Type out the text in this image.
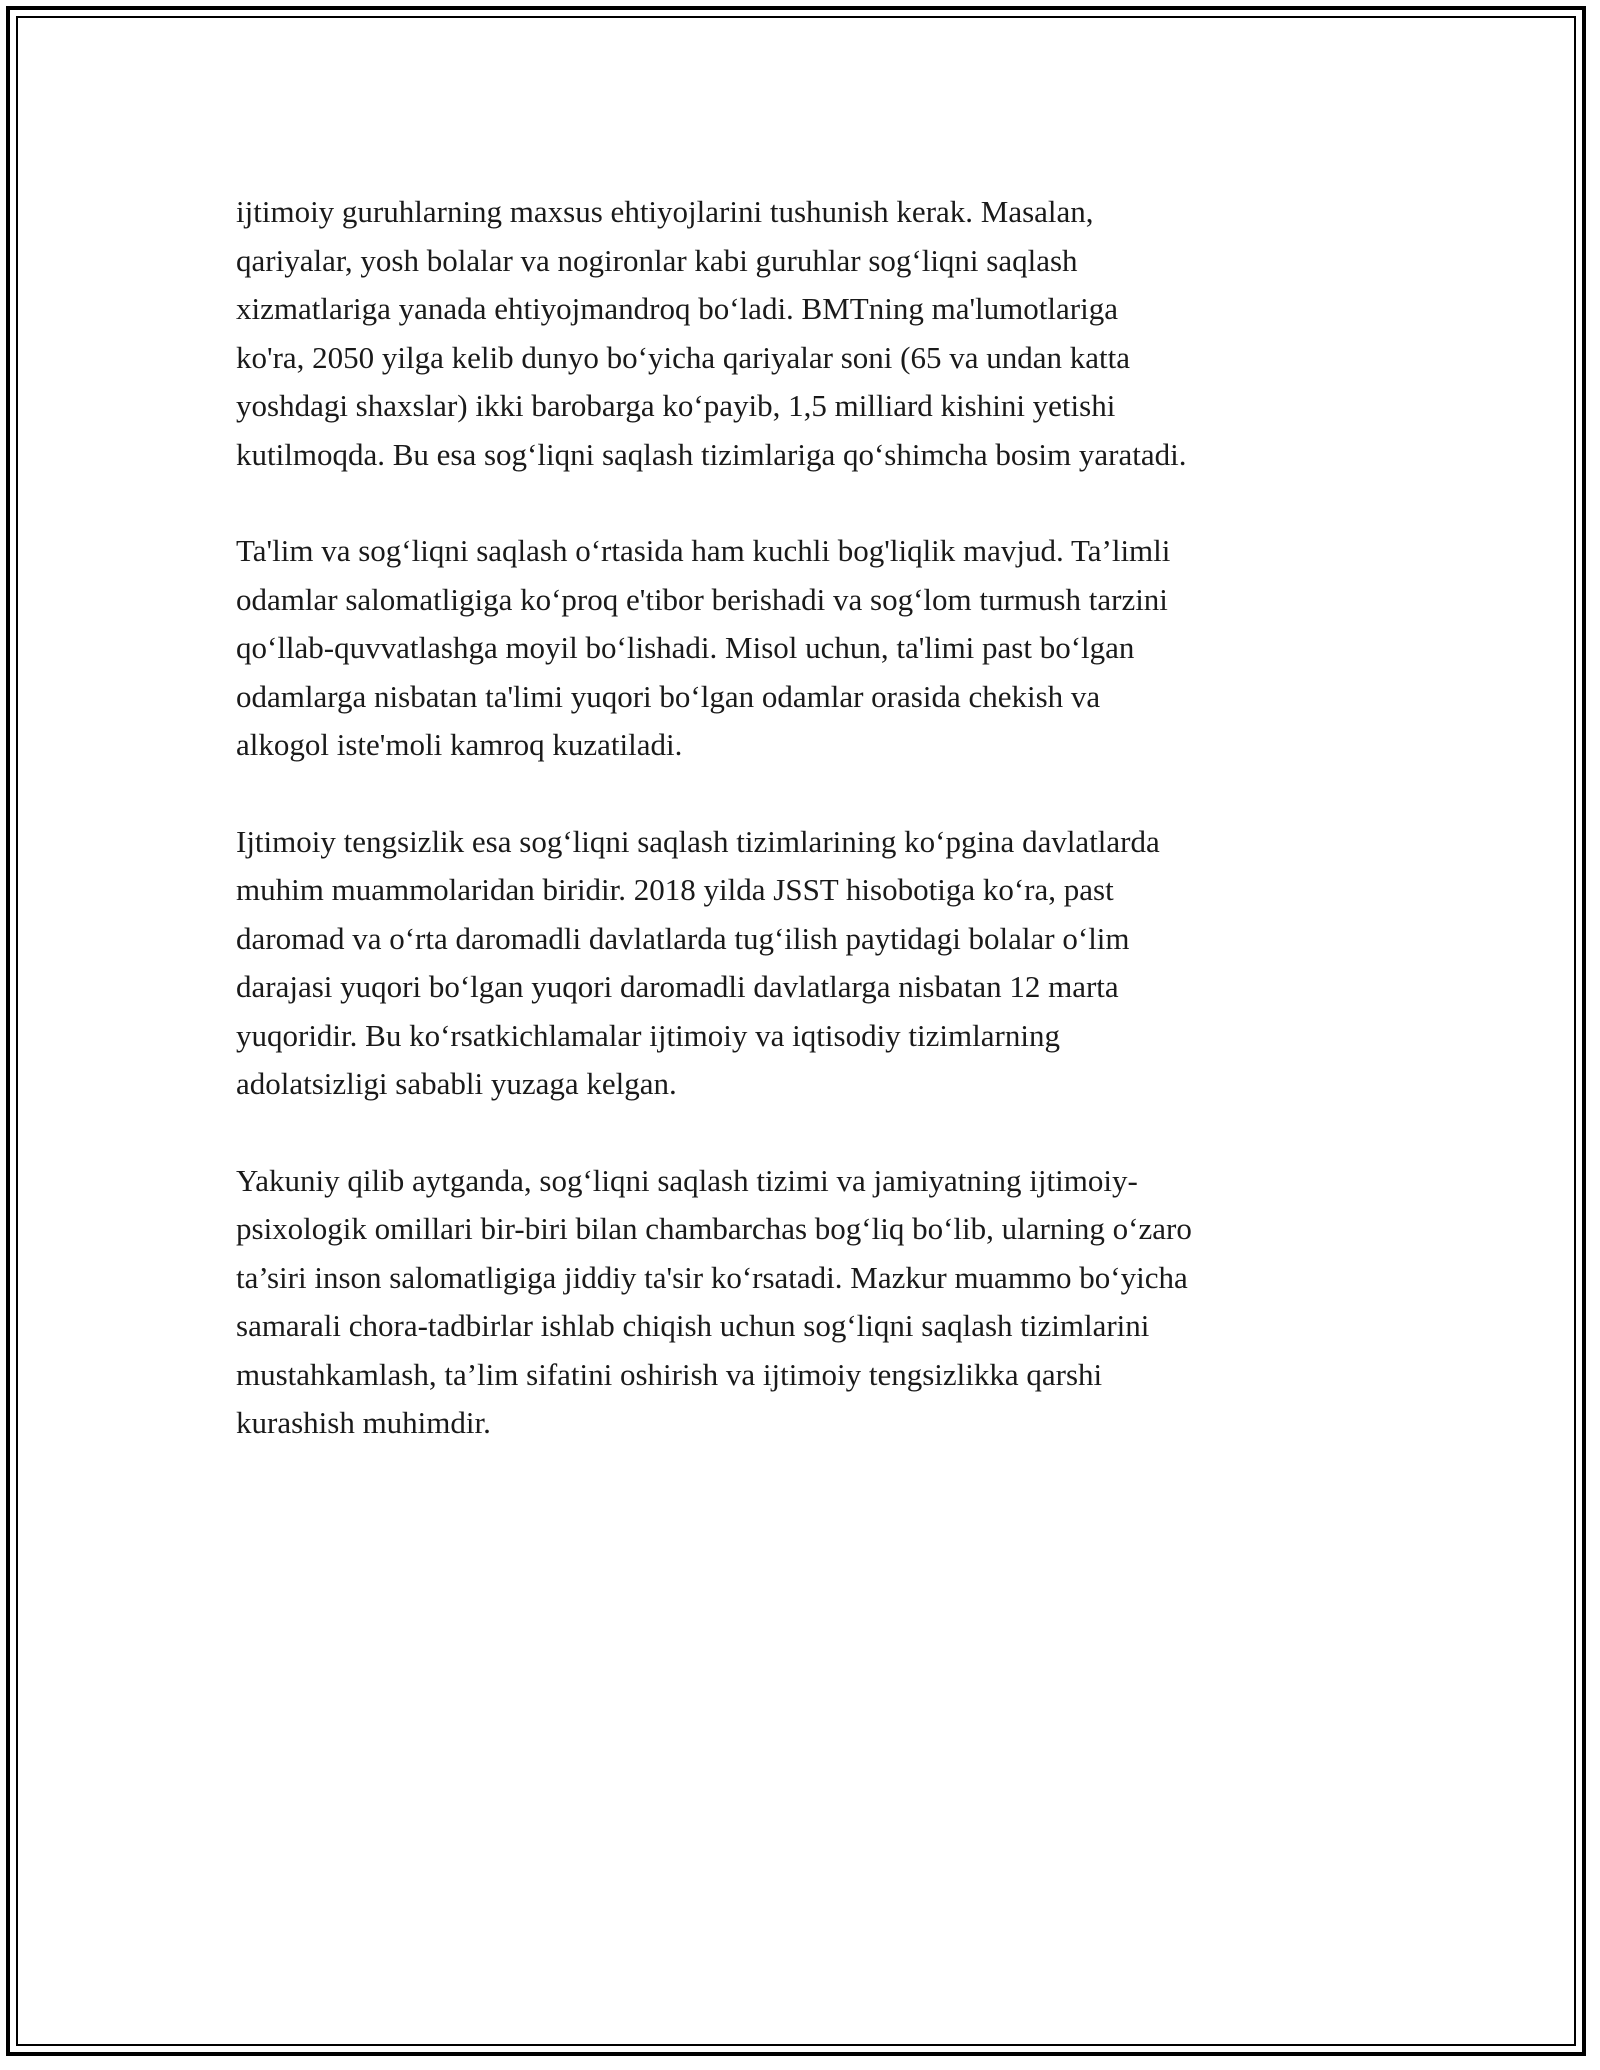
ijtimoiy guruhlarning maxsus ehtiyojlarini tushunish kerak. Masalan,
qariyalar, yosh bolalar va nogironlar kabi guruhlar sog‘liqni saqlash
xizmatlariga yanada ehtiyojmandroq bo‘ladi. BMTning ma'lumotlariga
ko'ra, 2050 yilga kelib dunyo bo‘yicha qariyalar soni (65 va undan katta
yoshdagi shaxslar) ikki barobarga ko‘payib, 1,5 milliard kishini yetishi
kutilmoqda. Bu esa sog‘liqni saqlash tizimlariga qo‘shimcha bosim yaratadi.

Ta'lim va sog‘liqni saqlash o‘rtasida ham kuchli bog'liqlik mavjud. Ta’limli
odamlar salomatligiga ko‘proq e'tibor berishadi va sog‘lom turmush tarzini
qo‘llab-quvvatlashga moyil bo‘lishadi. Misol uchun, ta'limi past bo‘lgan
odamlarga nisbatan ta'limi yuqori bo‘lgan odamlar orasida chekish va
alkogol iste'moli kamroq kuzatiladi.

Ijtimoiy tengsizlik esa sog‘liqni saqlash tizimlarining ko‘pgina davlatlarda
muhim muammolaridan biridir. 2018 yilda JSST hisobotiga ko‘ra, past
daromad va o‘rta daromadli davlatlarda tug‘ilish paytidagi bolalar o‘lim
darajasi yuqori bo‘lgan yuqori daromadli davlatlarga nisbatan 12 marta
yuqoridir. Bu ko‘rsatkichlamalar ijtimoiy va iqtisodiy tizimlarning
adolatsizligi sababli yuzaga kelgan.

Yakuniy qilib aytganda, sog‘liqni saqlash tizimi va jamiyatning ijtimoiy-
psixologik omillari bir-biri bilan chambarchas bog‘liq bo‘lib, ularning o‘zaro
ta’siri inson salomatligiga jiddiy ta'sir ko‘rsatadi. Mazkur muammo bo‘yicha
samarali chora-tadbirlar ishlab chiqish uchun sog‘liqni saqlash tizimlarini
mustahkamlash, ta’lim sifatini oshirish va ijtimoiy tengsizlikka qarshi
kurashish muhimdir.
